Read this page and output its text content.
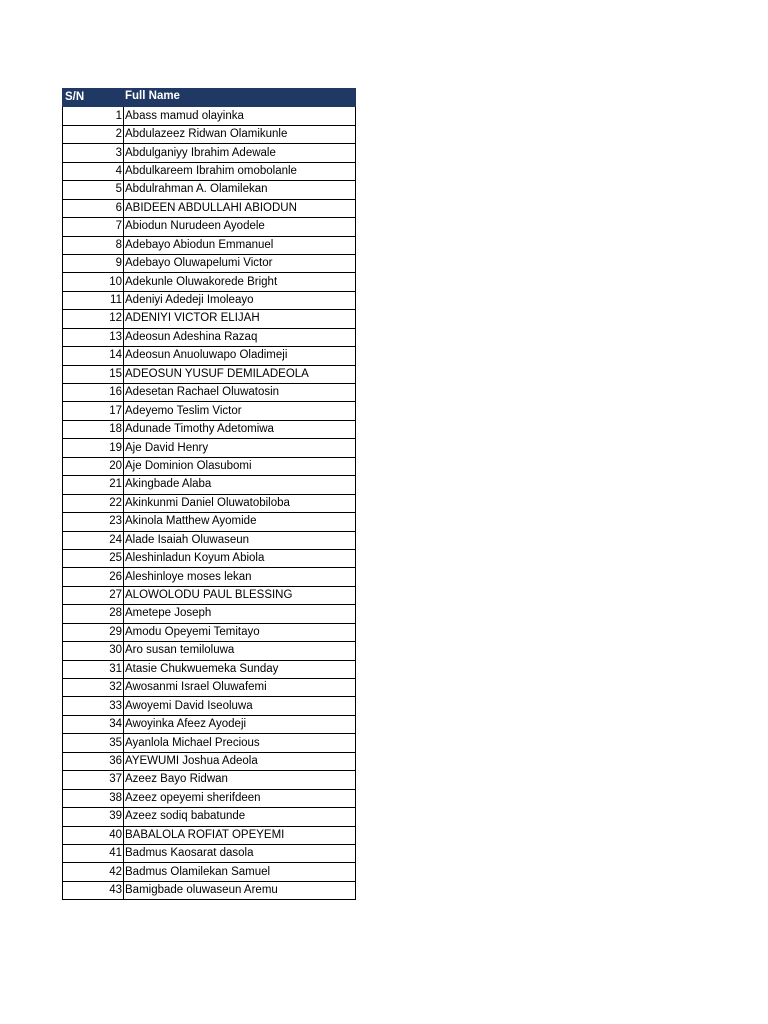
S/N	Full Name
1	Abass mamud olayinka
2	Abdulazeez Ridwan Olamikunle
3	Abdulganiyy Ibrahim Adewale
4	Abdulkareem Ibrahim omobolanle
5	Abdulrahman A. Olamilekan
6	ABIDEEN ABDULLAHI ABIODUN
7	Abiodun Nurudeen Ayodele
8	Adebayo Abiodun Emmanuel
9	Adebayo Oluwapelumi Victor
10	Adekunle Oluwakorede Bright
11	Adeniyi Adedeji Imoleayo
12	ADENIYI VICTOR ELIJAH
13	Adeosun Adeshina Razaq
14	Adeosun Anuoluwapo Oladimeji
15	ADEOSUN YUSUF DEMILADEOLA
16	Adesetan Rachael Oluwatosin
17	Adeyemo Teslim Victor
18	Adunade Timothy Adetomiwa
19	Aje David Henry
20	Aje Dominion Olasubomi
21	Akingbade Alaba
22	Akinkunmi Daniel Oluwatobiloba
23	Akinola Matthew Ayomide
24	Alade Isaiah Oluwaseun
25	Aleshinladun Koyum Abiola
26	Aleshinloye moses lekan
27	ALOWOLODU PAUL BLESSING
28	Ametepe Joseph
29	Amodu Opeyemi Temitayo
30	Aro susan temiloluwa
31	Atasie Chukwuemeka Sunday
32	Awosanmi Israel Oluwafemi
33	Awoyemi David Iseoluwa
34	Awoyinka Afeez Ayodeji
35	Ayanlola Michael Precious
36	AYEWUMI Joshua Adeola
37	Azeez Bayo Ridwan
38	Azeez opeyemi sherifdeen
39	Azeez sodiq babatunde
40	BABALOLA ROFIAT OPEYEMI
41	Badmus Kaosarat dasola
42	Badmus Olamilekan Samuel
43	Bamigbade oluwaseun Aremu
